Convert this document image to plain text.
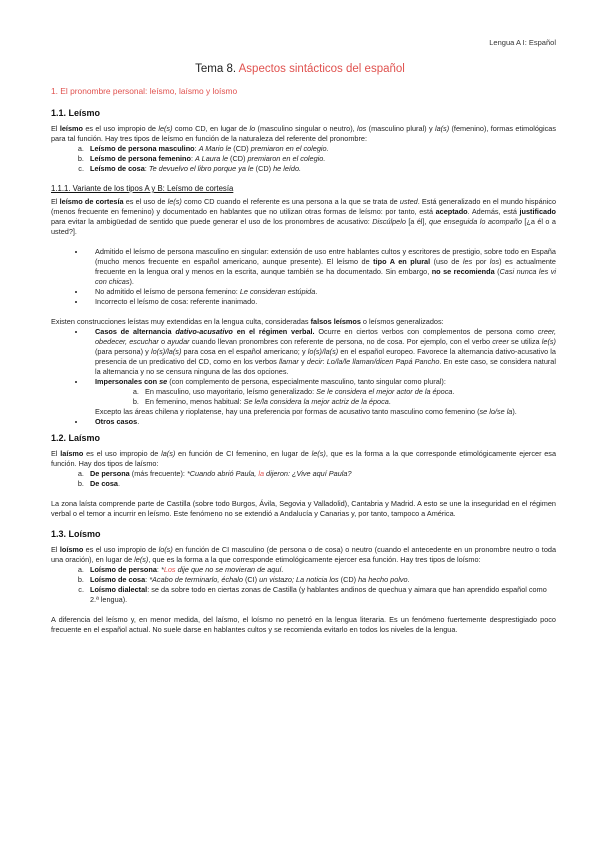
Lengua A I: Español
Tema 8. Aspectos sintácticos del español
1. El pronombre personal: leísmo, laísmo y loísmo
1.1. Leísmo

El leísmo es el uso impropio de le(s) como CD, en lugar de lo (masculino singular o neutro), los (masculino plural) y la(s) (femenino), formas etimológicas para tal función. Hay tres tipos de leísmo en función de la naturaleza del referente del pronombre:

a. Leísmo de persona masculino: A Mario le (CD) premiaron en el colegio.
b. Leísmo de persona femenino: A Laura le (CD) premiaron en el colegio.
c. Leísmo de cosa: Te devuelvo el libro porque ya le (CD) he leído.
1.1.1. Variante de los tipos A y B: Leísmo de cortesía

El leísmo de cortesía es el uso de le(s) como CD cuando el referente es una persona a la que se trata de usted. Está generalizado en el mundo hispánico (menos frecuente en femenino) y documentado en hablantes que no utilizan otras formas de leísmo: por tanto, está aceptado. Además, está justificado para evitar la ambigüedad de sentido que puede generar el uso de los pronombres de acusativo: Discúlpelo [a él], que enseguida lo acompaño [¿a él o a usted?].

• Admitido el leísmo de persona masculino en singular: extensión de uso entre hablantes cultos y escritores de prestigio, sobre todo en España (mucho menos frecuente en español americano, aunque presente). El leísmo de tipo A en plural (uso de les por los) es actualmente frecuente en la lengua oral y menos en la escrita, aunque también se ha documentado. Sin embargo, no se recomienda (Casi nunca les vi con chicas).
• No admitido el leísmo de persona femenino: Le consideran estúpida.
• Incorrecto el leísmo de cosa: referente inanimado.

Existen construcciones leístas muy extendidas en la lengua culta, consideradas falsos leísmos o leísmos generalizados:

• Casos de alternancia dativo-acusativo en el régimen verbal. Ocurre en ciertos verbos con complementos de persona como creer, obedecer, escuchar o ayudar cuando llevan pronombres con referente de persona, no de cosa. Por ejemplo, con el verbo creer se utiliza le(s) (para persona) y lo(s)/la(s) para cosa en el español americano; y lo(s)/la(s) en el español europeo. Favorece la alternancia dativo-acusativo la presencia de un predicativo del CD, como en los verbos llamar y decir: Lo/la/le llaman/dicen Papá Pancho. En este caso, se considera natural la alternancia y no se censura ninguna de las dos opciones.
• Impersonales con se (con complemento de persona, especialmente masculino, tanto singular como plural):
a. En masculino, uso mayoritario, leísmo generalizado: Se le considera el mejor actor de la época.
b. En femenino, menos habitual: Se le/la considera la mejor actriz de la época.
Excepto las áreas chilena y rioplatense, hay una preferencia por formas de acusativo tanto masculino como femenino (se lo/se la).
• Otros casos.
1.2. Laísmo

El laísmo es el uso impropio de la(s) en función de CI femenino, en lugar de le(s), que es la forma a la que corresponde etimológicamente ejercer esa función. Hay dos tipos de laísmo:

a. De persona (más frecuente): *Cuando abrió Paula, la dijeron: ¿Vive aquí Paula?
b. De cosa.

La zona laísta comprende parte de Castilla (sobre todo Burgos, Ávila, Segovia y Valladolid), Cantabria y Madrid. A esto se une la inseguridad en el régimen verbal o el temor a incurrir en leísmo. Este fenómeno no se extendió a Andalucía y Canarias y, por tanto, tampoco a América.

1.3. Loísmo

El loísmo es el uso impropio de lo(s) en función de CI masculino (de persona o de cosa) o neutro (cuando el antecedente en un pronombre neutro o toda una oración), en lugar de le(s), que es la forma a la que corresponde etimológicamente ejercer esa función. Hay tres tipos de loísmo:

a. Loísmo de persona: *Los dije que no se movieran de aquí.
b. Loísmo de cosa: *Acabo de terminarlo, échalo (CI) un vistazo; La noticia los (CD) ha hecho polvo.
c. Loísmo dialectal: se da sobre todo en ciertas zonas de Castilla (y hablantes andinos de quechua y aimara que han aprendido español como 2.ª lengua).

A diferencia del leísmo y, en menor medida, del laísmo, el loísmo no penetró en la lengua literaria. Es un fenómeno fuertemente desprestigiado poco frecuente en el español actual. No suele darse en hablantes cultos y se recomienda evitarlo en todos los niveles de la lengua.
